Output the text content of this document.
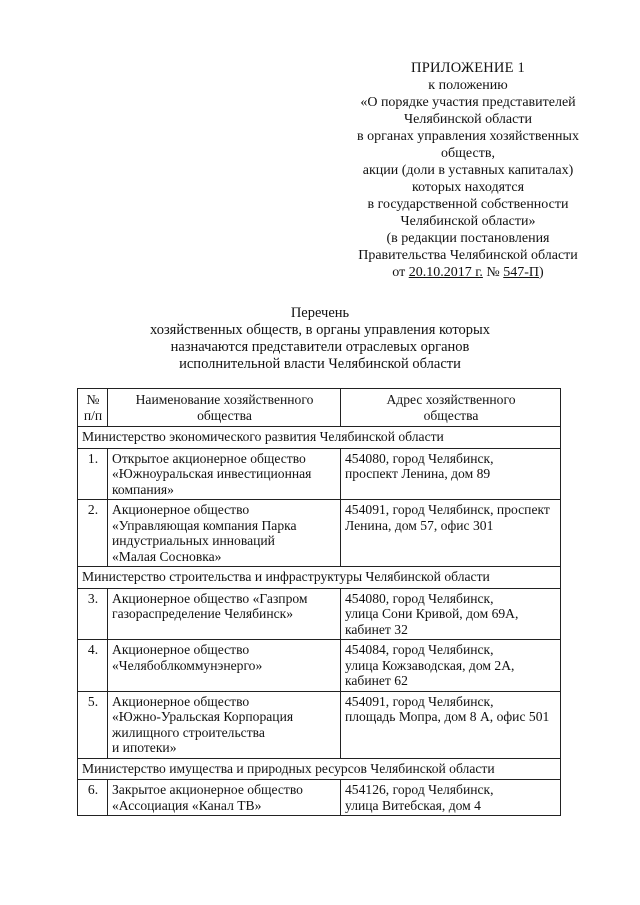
ПРИЛОЖЕНИЕ 1
к положению
«О порядке участия представителей
Челябинской области
в органах управления хозяйственных
обществ,
акции (доли в уставных капиталах)
которых находятся
в государственной собственности
Челябинской области»
(в редакции постановления
Правительства Челябинской области
от 20.10.2017 г. № 547-П)
Перечень
хозяйственных обществ, в органы управления которых
назначаются представители отраслевых органов
исполнительной власти Челябинской области
№
п/п	Наименование хозяйственного
общества	Адрес хозяйственного
общества

Министерство экономического развития Челябинской области		
1.	Открытое акционерное общество
«Южноуральская инвестиционная
компания»	454080, город Челябинск,
проспект Ленина, дом 89

2.	Акционерное общество
«Управляющая компания Парка
индустриальных инноваций
«Малая Сосновка»	454091, город Челябинск, проспект
Ленина, дом 57, офис 301

Министерство строительства и инфраструктуры Челябинской области		
3.	Акционерное общество «Газпром
газораспределение Челябинск»	454080, город Челябинск,
улица Сони Кривой, дом 69А,
кабинет 32

4.	Акционерное общество
«Челябоблкоммунэнерго»	454084, город Челябинск,
улица Кожзаводская, дом 2А,
кабинет 62

5.	Акционерное общество
«Южно-Уральская Корпорация
жилищного строительства
и ипотеки»	454091, город Челябинск,
площадь Мопра, дом 8 А, офис 501

Министерство имущества и природных ресурсов Челябинской области		
6.	Закрытое акционерное общество
«Ассоциация «Канал ТВ»	454126, город Челябинск,
улица Витебская, дом 4
